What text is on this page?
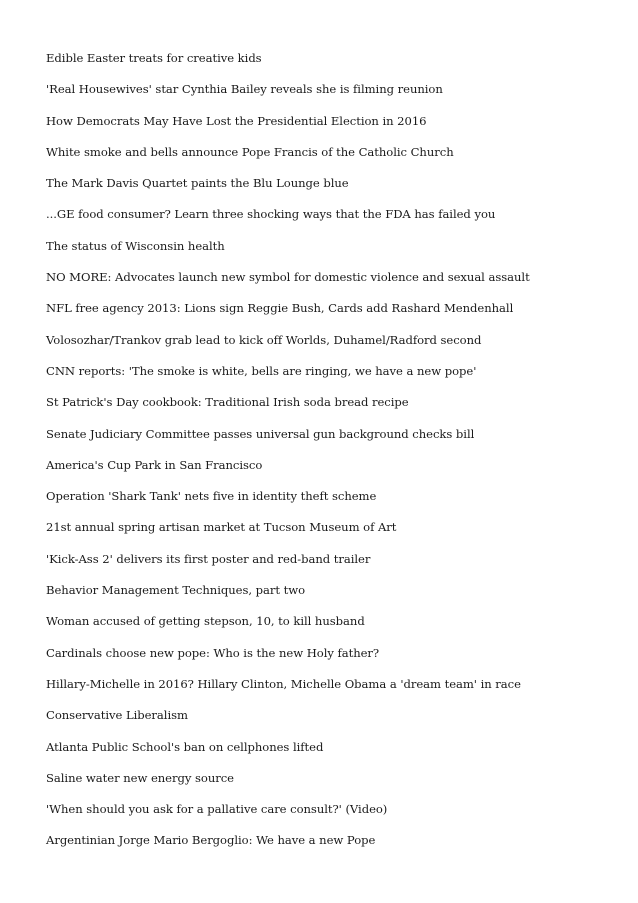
Edible Easter treats for creative kids
'Real Housewives' star Cynthia Bailey reveals she is filming reunion
How Democrats May Have Lost the Presidential Election in 2016
White smoke and bells announce Pope Francis of the Catholic Church
The Mark Davis Quartet paints the Blu Lounge blue
...GE food consumer? Learn three shocking ways that the FDA has failed you
The status of Wisconsin health
NO MORE: Advocates launch new symbol for domestic violence and sexual assault
NFL free agency 2013: Lions sign Reggie Bush, Cards add Rashard Mendenhall
Volosozhar/Trankov grab lead to kick off Worlds, Duhamel/Radford second
CNN reports: 'The smoke is white, bells are ringing, we have a new pope'
St Patrick's Day cookbook: Traditional Irish soda bread recipe
Senate Judiciary Committee passes universal gun background checks bill
America's Cup Park in San Francisco
Operation 'Shark Tank' nets five in identity theft scheme
21st annual spring artisan market at Tucson Museum of Art
'Kick-Ass 2' delivers its first poster and red-band trailer
Behavior Management Techniques, part two
Woman accused of getting stepson, 10, to kill husband
Cardinals choose new pope: Who is the new Holy father?
Hillary-Michelle in 2016? Hillary Clinton, Michelle Obama a 'dream team' in race
Conservative Liberalism
Atlanta Public School's ban on cellphones lifted
Saline water new energy source
'When should you ask for a pallative care consult?' (Video)
Argentinian Jorge Mario Bergoglio: We have a new Pope
